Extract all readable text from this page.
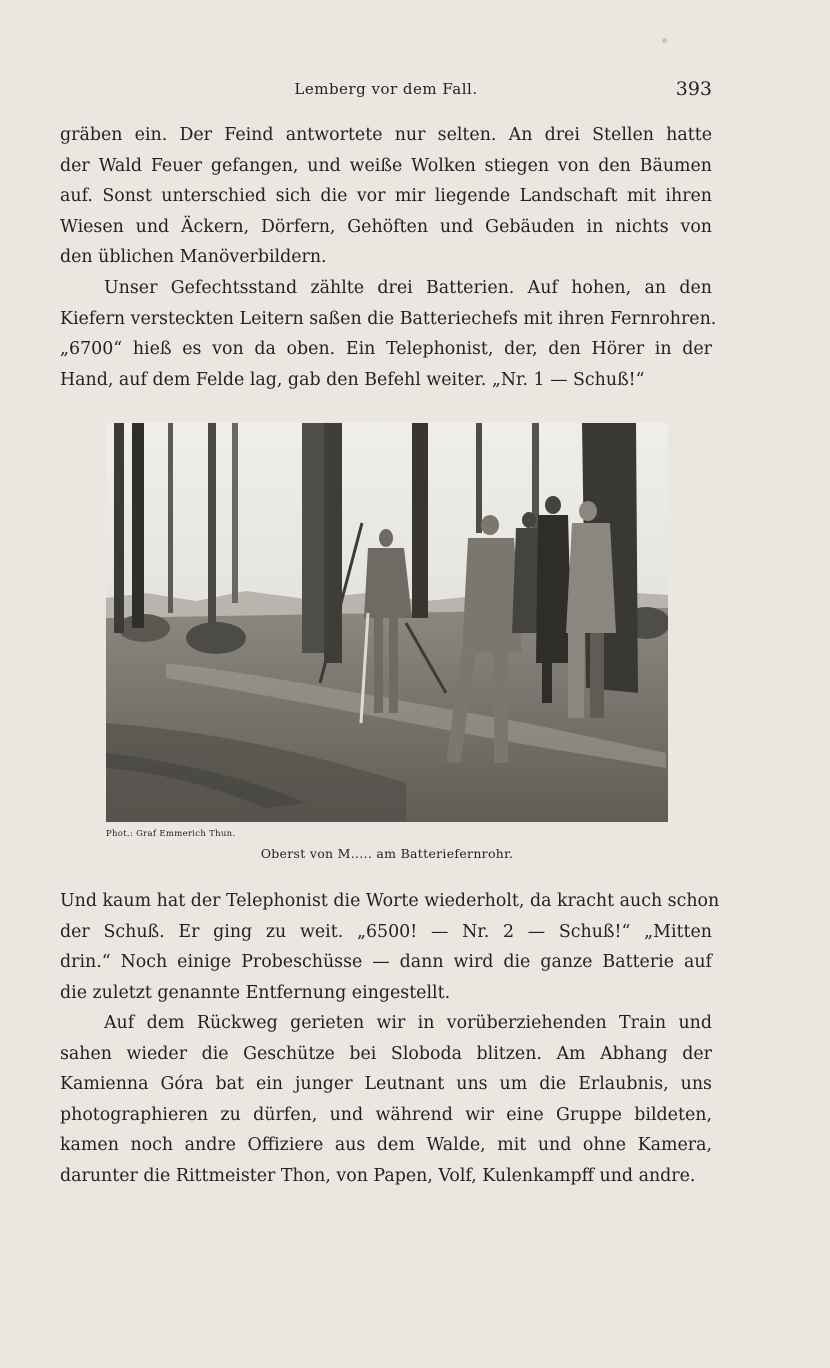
Lemberg vor dem Fall.	393

gräben ein. Der Feind antwortete nur selten. An drei Stellen hatte
der Wald Feuer gefangen, und weiße Wolken stiegen von den Bäumen
auf. Sonst unterschied sich die vor mir liegende Landschaft mit ihren
Wiesen und Äckern, Dörfern, Gehöften und Gebäuden in nichts von
den üblichen Manöverbildern.

Unser Gefechtsstand zählte drei Batterien. Auf hohen, an den
Kiefern versteckten Leitern saßen die Batteriechefs mit ihren Fernrohren.
„6700“ hieß es von da oben. Ein Telephonist, der, den Hörer in der
Hand, auf dem Felde lag, gab den Befehl weiter. „Nr. 1 — Schuß!“

Phot.: Graf Emmerich Thun.
Oberst von M..... am Batteriefernrohr.

Und kaum hat der Telephonist die Worte wiederholt, da kracht auch schon
der Schuß. Er ging zu weit. „6500! — Nr. 2 — Schuß!“ „Mitten
drin.“ Noch einige Probeschüsse — dann wird die ganze Batterie auf
die zuletzt genannte Entfernung eingestellt.

Auf dem Rückweg gerieten wir in vorüberziehenden Train und
sahen wieder die Geschütze bei Sloboda blitzen. Am Abhang der
Kamienna Góra bat ein junger Leutnant uns um die Erlaubnis, uns
photographieren zu dürfen, und während wir eine Gruppe bildeten,
kamen noch andre Offiziere aus dem Walde, mit und ohne Kamera,
darunter die Rittmeister Thon, von Papen, Volf, Kulenkampff und andre.
